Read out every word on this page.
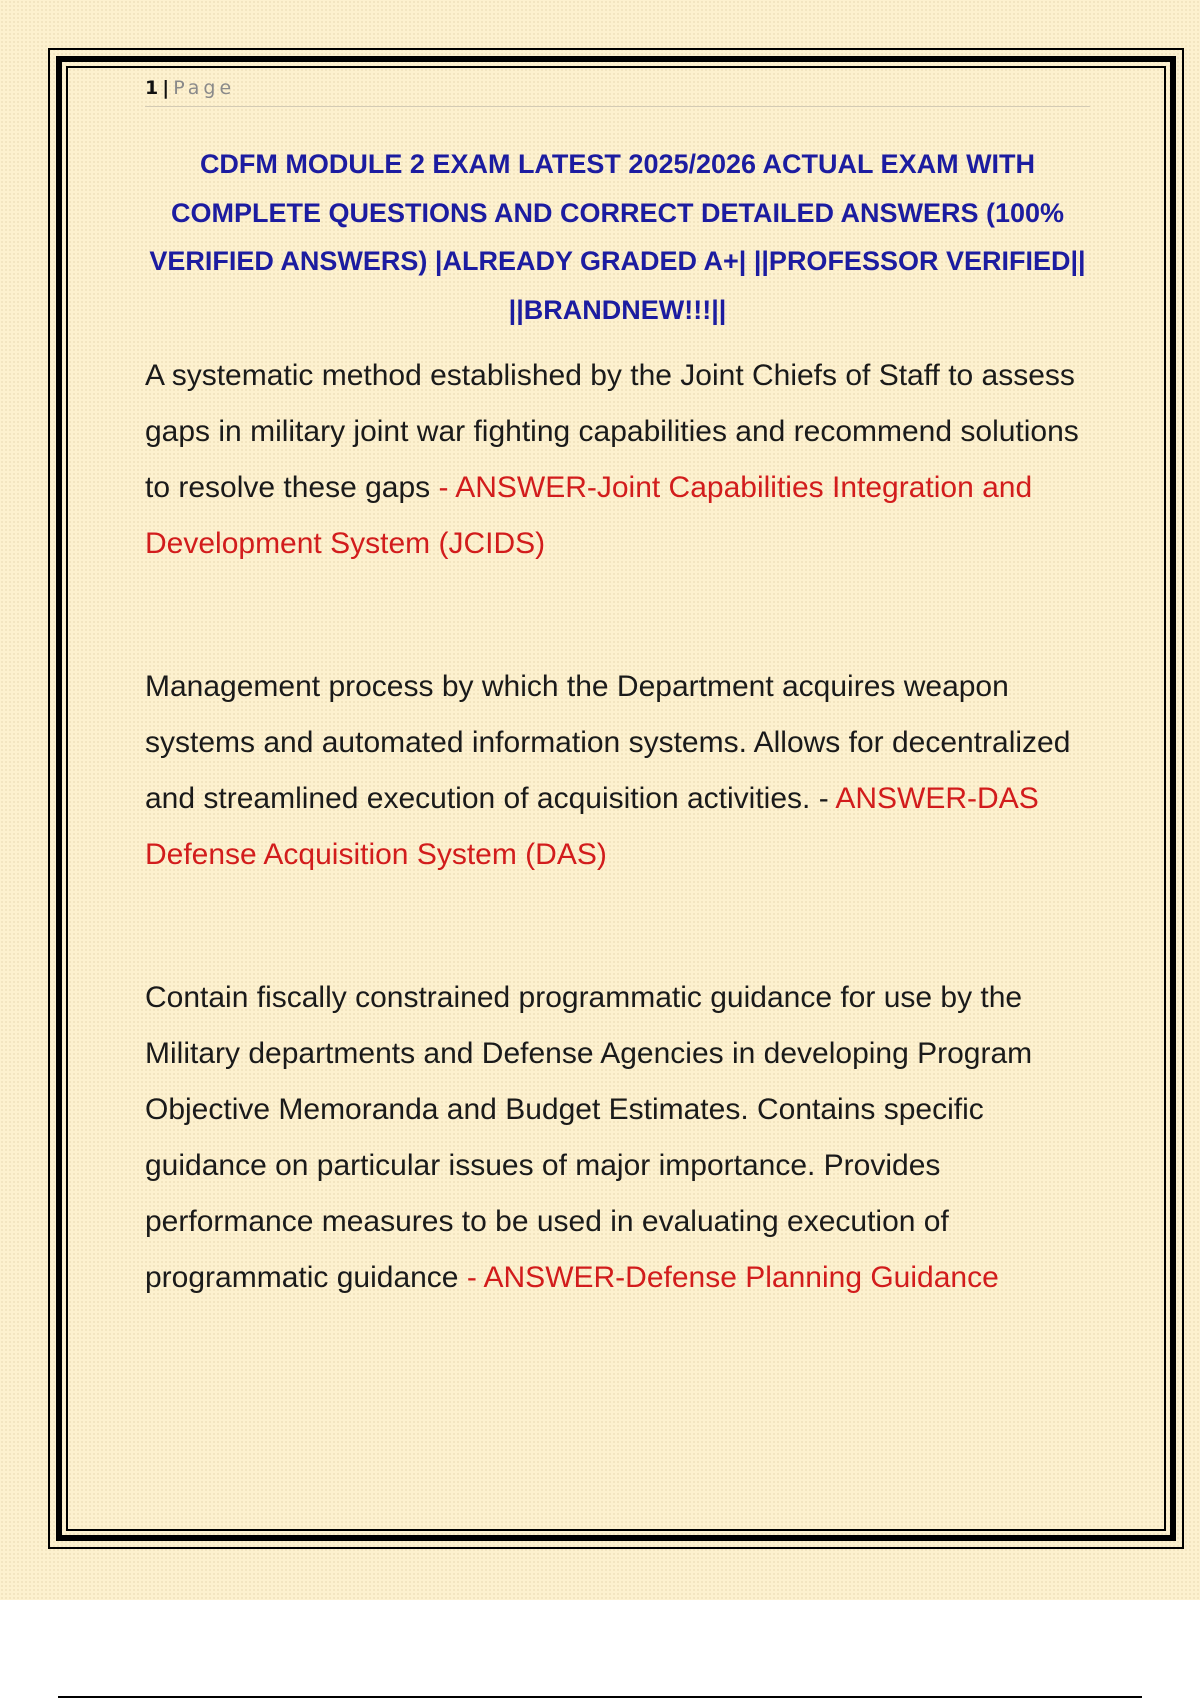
1 | Page
CDFM MODULE 2 EXAM LATEST 2025/2026 ACTUAL EXAM WITH COMPLETE QUESTIONS AND CORRECT DETAILED ANSWERS (100% VERIFIED ANSWERS) |ALREADY GRADED A+| ||PROFESSOR VERIFIED|| ||BRANDNEW!!!||

A systematic method established by the Joint Chiefs of Staff to assess gaps in military joint war fighting capabilities and recommend solutions to resolve these gaps - ANSWER-Joint Capabilities Integration and Development System (JCIDS)

Management process by which the Department acquires weapon systems and automated information systems. Allows for decentralized and streamlined execution of acquisition activities. - ANSWER-DAS Defense Acquisition System (DAS)

Contain fiscally constrained programmatic guidance for use by the Military departments and Defense Agencies in developing Program Objective Memoranda and Budget Estimates. Contains specific guidance on particular issues of major importance. Provides performance measures to be used in evaluating execution of programmatic guidance - ANSWER-Defense Planning Guidance
